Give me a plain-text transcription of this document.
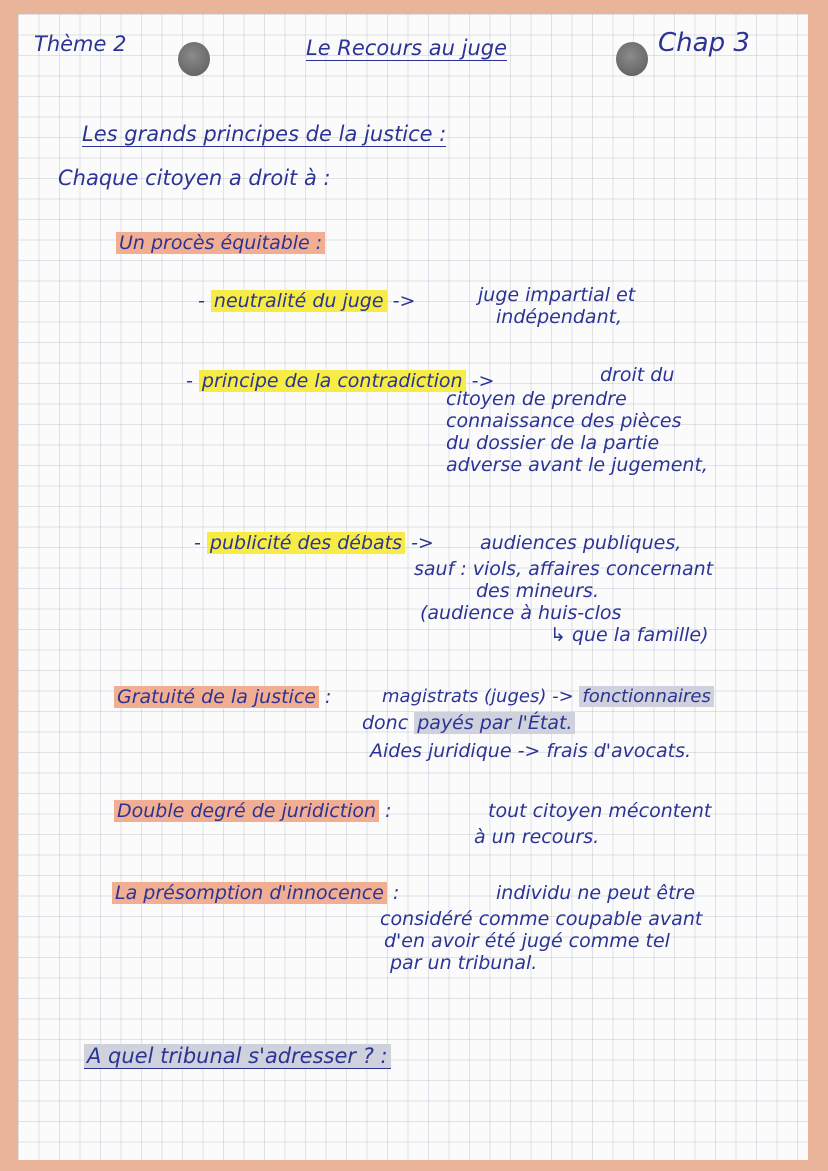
Thème 2	Le Recours au juge	Chap 3
Les grands principes de la justice :
Chaque citoyen a droit à :
Un procès équitable :
- neutralité du juge ->	juge impartial et
indépendant,
- principe de la contradiction ->	droit du
citoyen de prendre
connaissance des pièces
du dossier de la partie
adverse avant le jugement,
- publicité des débats -> audiences publiques,
sauf : viols, affaires concernant
des mineurs.
(audience à huis-clos
↳ que la famille)
Gratuité de la justice :	magistrats (juges) -> fonctionnaires
donc payés par l'État.
Aides juridique -> frais d'avocats.
Double degré de juridiction :	tout citoyen mécontent
à un recours.
La présomption d'innocence :	individu ne peut être
considéré comme coupable avant
d'en avoir été jugé comme tel
par un tribunal.
A quel tribunal s'adresser ? :
